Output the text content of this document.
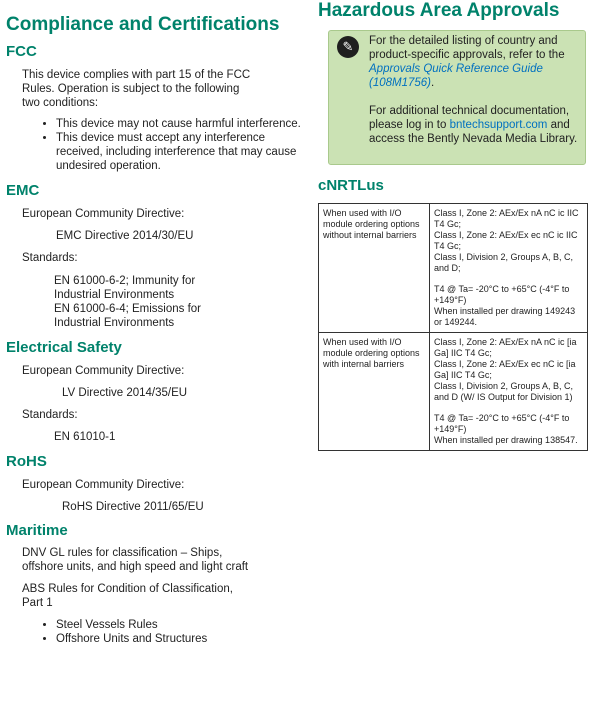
Compliance and Certifications
FCC

This device complies with part 15 of the FCC Rules. Operation is subject to the following two conditions:

• This device may not cause harmful interference.
• This device must accept any interference received, including interference that may cause undesired operation.
EMC

European Community Directive:

EMC Directive 2014/30/EU

Standards:

EN 61000-6-2; Immunity for Industrial Environments

EN 61000-6-4; Emissions for Industrial Environments

Electrical Safety

European Community Directive:

LV Directive 2014/35/EU

Standards:

EN 61010-1

RoHS

European Community Directive:

RoHS Directive 2011/65/EU

Maritime

DNV GL rules for classification – Ships, offshore units, and high speed and light craft

ABS Rules for Condition of Classification, Part 1

• Steel Vessels Rules
• Offshore Units and Structures
Hazardous Area Approvals
✎	For the detailed listing of country and product-specific approvals, refer to the Approvals Quick Reference Guide (108M1756).

For additional technical documentation, please log in to bntechsupport.com and access the Bently Nevada Media Library.

cNRTLus
When used with I/O module ordering options without internal barriers	Class I, Zone 2: AEx/Ex nA nC ic IIC T4 Gc;
Class I, Zone 2: AEx/Ex ec nC ic IIC T4 Gc;
Class I, Division 2, Groups A, B, C, and D;
T4 @ Ta= -20°C to +65°C (-4°F to +149°F)
When installed per drawing 149243 or 149244.

When used with I/O module ordering options with internal barriers	Class I, Zone 2: AEx/Ex nA nC ic [ia Ga] IIC T4 Gc;
Class I, Zone 2: AEx/Ex ec nC ic [ia Ga] IIC T4 Gc;
Class I, Division 2, Groups A, B, C, and D (W/ IS Output for Division 1)
T4 @ Ta= -20°C to +65°C (-4°F to +149°F)
When installed per drawing 138547.
